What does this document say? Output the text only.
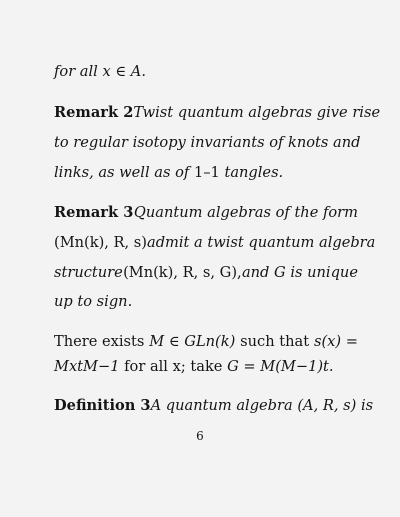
for all x ∈ A.
Remark 2 Twist quantum algebras give rise
to regular isotopy invariants of knots and
links, as well as of 1–1 tangles.
Remark 3 Quantum algebras of the form
(Mn(k), R, s) admit a twist quantum algebra
structure (Mn(k), R, s, G), and G is unique
up to sign.
There exists M ∈ GLn(k) such that s(x) =
MxtM−1 for all x; take G = M(M−1)t.
Definition 3 A quantum algebra (A, R, s) is
6
